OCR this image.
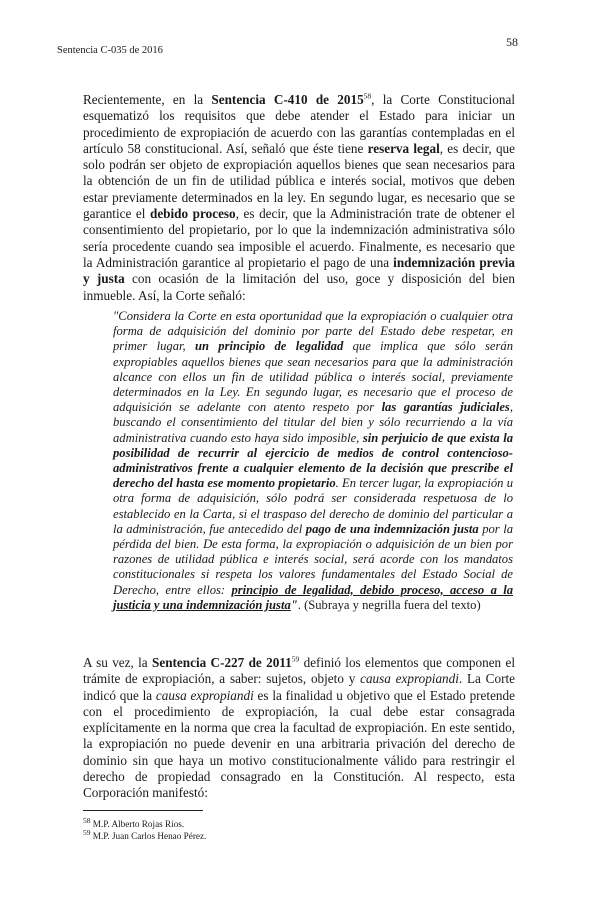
Sentencia C-035 de 2016
58

Recientemente, en la Sentencia C-410 de 2015$^{58}$, la Corte Constitucional esquematizó los requisitos que debe atender el Estado para iniciar un procedimiento de expropiación de acuerdo con las garantías contempladas en el artículo 58 constitucional. Así, señaló que éste tiene reserva legal, es decir, que solo podrán ser objeto de expropiación aquellos bienes que sean necesarios para la obtención de un fin de utilidad pública e interés social, motivos que deben estar previamente determinados en la ley. En segundo lugar, es necesario que se garantice el debido proceso, es decir, que la Administración trate de obtener el consentimiento del propietario, por lo que la indemnización administrativa sólo sería procedente cuando sea imposible el acuerdo. Finalmente, es necesario que la Administración garantice al propietario el pago de una indemnización previa y justa con ocasión de la limitación del uso, goce y disposición del bien inmueble. Así, la Corte señaló:

"Considera la Corte en esta oportunidad que la expropiación o cualquier otra forma de adquisición del dominio por parte del Estado debe respetar, en primer lugar, un principio de legalidad que implica que sólo serán expropiables aquellos bienes que sean necesarios para que la administración alcance con ellos un fin de utilidad pública o interés social, previamente determinados en la Ley. En segundo lugar, es necesario que el proceso de adquisición se adelante con atento respeto por las garantías judiciales, buscando el consentimiento del titular del bien y sólo recurriendo a la vía administrativa cuando esto haya sido imposible, sin perjuicio de que exista la posibilidad de recurrir al ejercicio de medios de control contencioso-administrativos frente a cualquier elemento de la decisión que prescribe el derecho del hasta ese momento propietario. En tercer lugar, la expropiación u otra forma de adquisición, sólo podrá ser considerada respetuosa de lo establecido en la Carta, si el traspaso del derecho de dominio del particular a la administración, fue antecedido del pago de una indemnización justa por la pérdida del bien. De esta forma, la expropiación o adquisición de un bien por razones de utilidad pública e interés social, será acorde con los mandatos constitucionales si respeta los valores fundamentales del Estado Social de Derecho, entre ellos: principio de legalidad, debido proceso, acceso a la justicia y una indemnización justa". (Subraya y negrilla fuera del texto)

A su vez, la Sentencia C-227 de 2011$^{59}$ definió los elementos que componen el trámite de expropiación, a saber: sujetos, objeto y causa expropiandi. La Corte indicó que la causa expropiandi es la finalidad u objetivo que el Estado pretende con el procedimiento de expropiación, la cual debe estar consagrada explícitamente en la norma que crea la facultad de expropiación. En este sentido, la expropiación no puede devenir en una arbitraria privación del derecho de dominio sin que haya un motivo constitucionalmente válido para restringir el derecho de propiedad consagrado en la Constitución. Al respecto, esta Corporación manifestó:

$^{58}$ M.P. Alberto Rojas Ríos.
$^{59}$ M.P. Juan Carlos Henao Pérez.
